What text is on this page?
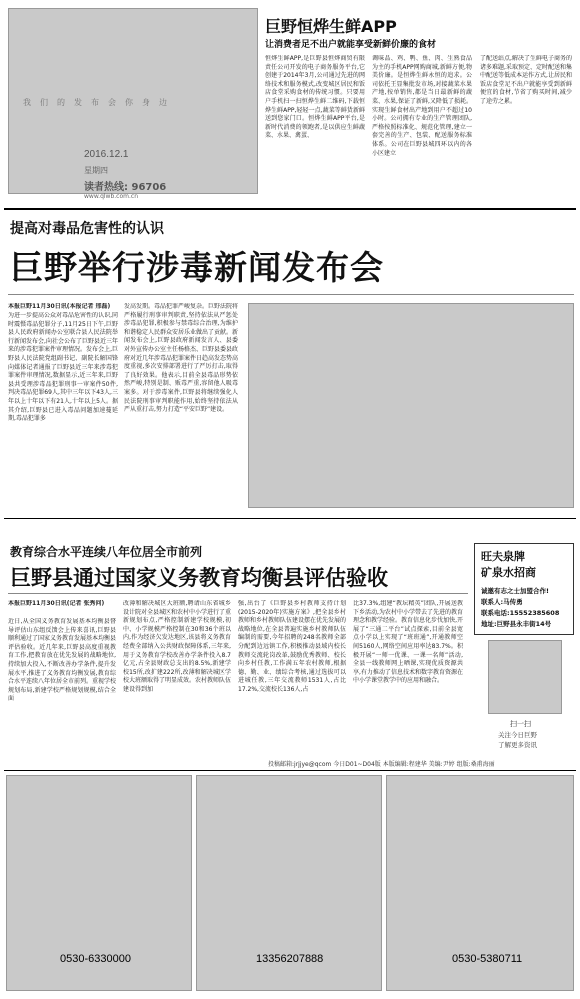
我们的发布会你身边
2016.12.1
星期四
读者热线: 96706
www.qlwb.com.cn
巨野恒烨生鲜APP
让消费者足不出户就能享受新鲜价廉的食材
恒烨生鲜APP,是巨野县恒烨商贸有限责任公司开发的电子商务服务平台,它创建于2014年3月,公司通过先进的网络技术和服务模式,改变城区居民和饭店食堂采购食材的传统习惯。只要用户手机扫一扫恒烨生鲜二维码,下载恒烨生鲜APP,轻轻一点,蔬菜等鲜货新鲜送到您家门口。恒烨生鲜APP平台,是新时代消费的领跑者,是以供应生鲜蔬菜、水果、禽蛋、
调味品、鸡、鸭、鱼、肉、生熟食品为主的手机APP网购商城,新鲜方便,物美价廉。是恒烨生鲜永恒的追求。公司依托王显集批发市场,对接蔬菜水果产地,按单销售,都是当日最新鲜的蔬菜、水果,保证了新鲜,又降低了损耗。实现生鲜食材出产地到用户不超过10小时。公司拥有专业的生产管理团队,严格按照标准化、规范化管理,建立一套完善的生产、包装、配送服务标准体系。公司在巨野县城四环以内的各小区建立
了配送站点,解决了生鲜电子商务的诸多难题,采取预定、定时配送和集中配送等低成本运作方式,让居民和饭店食堂足不出户就能享受到新鲜便宜的食材,节省了购买时间,减少了途劳之累。
提高对毒品危害性的认识
巨野举行涉毒新闻发布会
本报巨野11月30日讯(本报记者 邢磊)
为进一步提高公众对毒品危害性的认识,同时震慑毒品犯罪分子,11月25日下午,巨野县人民政府新闻办公室联合县人民法院举行新闻发布会,向社会公布了巨野县近三年来的涉毒犯罪案件审理情况。发布会上,巨野县人民法院党组副书记、副院长解国锋向媒体记者通报了巨野县近三年来涉毒犯罪案件审理情况,数据显示,近三年来,巨野县共受理涉毒品犯罪刑事一审案件50件,判决毒品犯罪69人,其中三年以下43人,三年以上十年以下有21人,十年以上5人。据其介绍,巨野县已进入毒品问题加速蔓延期,毒品犯罪多
发高发期。毒品犯罪严峻复杂。巨野法院将严格履行刑事审判职责,坚持依法从严惩处涉毒品犯罪,积极参与禁毒综合治理,为维护和谐稳定人民群众安居乐业做出了贡献。新闻发布会上,巨野县政府新闻发言人、县委对外宣传办公室主任杨格杰、巨野县委县政府对近几年涉毒品犯罪案件日趋高发态势高度重视,多次安排部署进行了严厉打击,取得了良好效果。他表示,目前全县毒品形势依然严峻,特别是制、贩毒严重,容留他人吸毒案多。对于涉毒案件,巨野县将继续强化人民法院刑事审判职能作用,始终坚持依法从严从重打击,努力打造“平安巨野”建设。
教育综合水平连续八年位居全市前列
巨野县通过国家义务教育均衡县评估验收
本报巨野11月30日讯(记者 张秀问)
近日,从全国义务教育发展基本均衡县督导评估山东组反馈会上传来喜讯,巨野县顺利通过了国家义务教育发展基本均衡县评估验收。近几年来,巨野县高度重视教育工作,把教育放在优先发展的战略地位,持续加大投入,不断改善办学条件,提升发展水平,推进了义务教育均衡发展,教育综合水平连续八年位居全市前列。重视学校规划布局,新建学校严格规划规模,结合全面
改薄和解决城区大班额,聘请山东省城乡设计院对全县城区和农村中小学进行了重新规划布点,严格控制新建学校规模,初中、小学规模严格控制在30和36个班以内,作为经济欠发达地区,该县将义务教育经费全部纳入公共财政保障体系,三年来,用于义务教育学校改善办学条件投入8.7亿元,占全县财政总支出的8.5%,新建学校15所,改扩建222所,改薄和解决城区学校大班额取得了明显成效。农村教师队伍建设得到加
强,出台了《巨野县乡村教师支持计划(2015-2020年)实施方案》,把全县乡村教师和乡村教师队伍建设摆在优先发展的战略地位,在全县普遍实施乡村教师队伍编制的需要,今年招聘的248名教师全部分配到边远镇工作,积极推动县域内校长教师交流轮岗改革,鼓励优秀教师、校长向乡村任教,工作满五年农村教师,根据德、勤、业、绩综合考核,通过选拔可以进城任教,三年交流教师1531人,占比17.2%,交流校长136人,占
比37.3%,组建“教坛精英”团队,开展送教下乡活动,为农村中小学带去了先进的教育理念和教学经验。教育信息化步伐加快,开展了“三通二平台”试点探索,目前全县宽点小学以上实现了“班班通”,开通教师空间5160人,网络空间应用率达83.7%。积极开展“一师一优课、一课一名师”活动,全县一线教师网上晒课,实现优质资源共享,有力推动了信息技术和数字教育资源在中小学课堂教学中的应用和融合。
旺夫泉牌
矿泉水招商
诚邀有志之士加盟合作!
联系人:马传勇
联系电话:15552385608
地址:巨野县永丰街14号
扫一扫
关注今日巨野
了解更多资讯
投稿邮箱:jrjjye@qcom 今日D01~D04版 本版编辑:程建华 美编:尹婷 组版:桑甫海丽
0530-6330000	13356207888	0530-5380711
